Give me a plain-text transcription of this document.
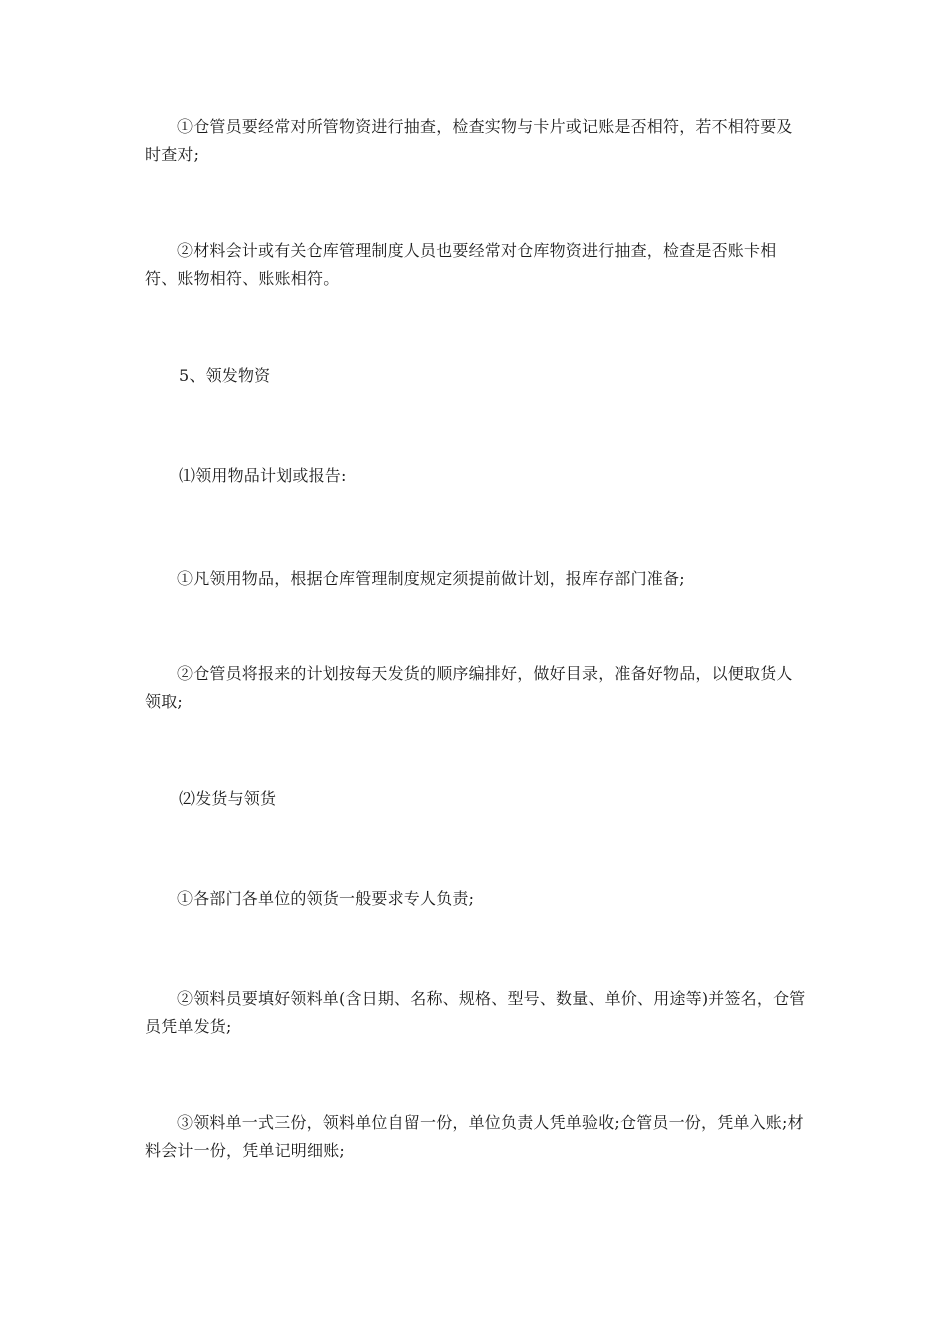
①仓管员要经常对所管物资进行抽查，检查实物与卡片或记账是否相符，若不相符要及时查对;

②材料会计或有关仓库管理制度人员也要经常对仓库物资进行抽查，检查是否账卡相符、账物相符、账账相符。

5、领发物资

⑴领用物品计划或报告:

①凡领用物品，根据仓库管理制度规定须提前做计划，报库存部门准备;

②仓管员将报来的计划按每天发货的顺序编排好，做好目录，准备好物品，以便取货人领取;

⑵发货与领货

①各部门各单位的领货一般要求专人负责;

②领料员要填好领料单(含日期、名称、规格、型号、数量、单价、用途等)并签名，仓管员凭单发货;

③领料单一式三份，领料单位自留一份，单位负责人凭单验收;仓管员一份，凭单入账;材料会计一份，凭单记明细账;
